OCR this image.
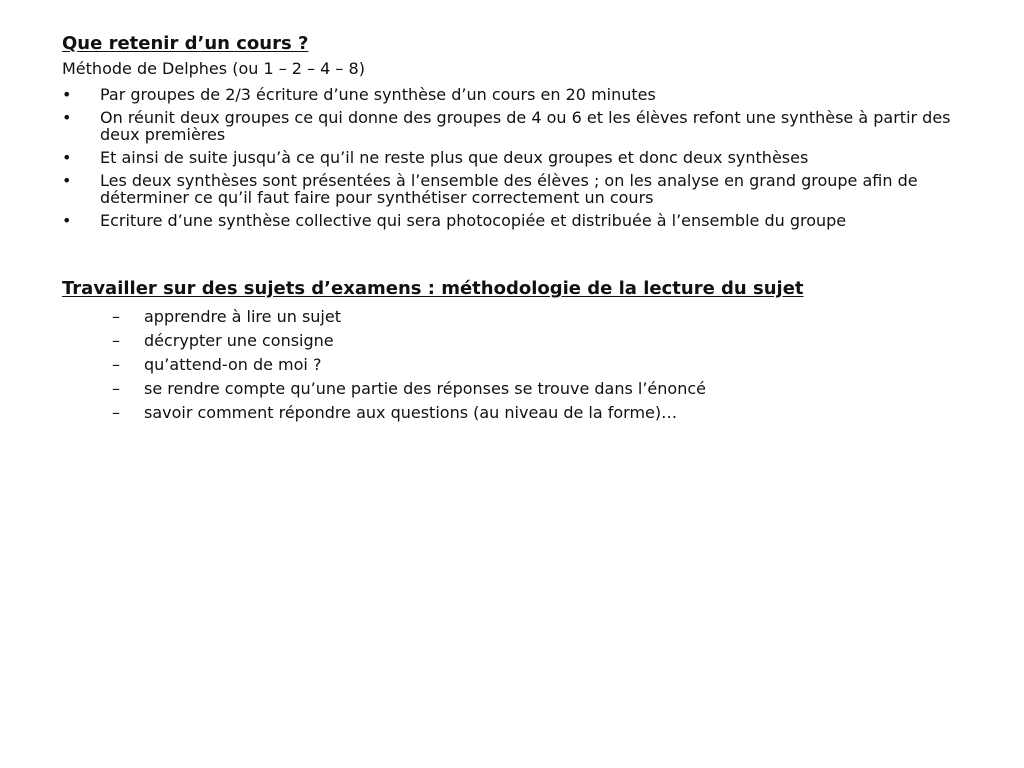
Que retenir d’un cours ?

Méthode de Delphes (ou 1 – 2 – 4 – 8)

• Par groupes de 2/3 écriture d’une synthèse d’un cours en 20 minutes
• On réunit deux groupes ce qui donne des groupes de 4 ou 6 et les élèves refont une synthèse à partir des deux premières
• Et ainsi de suite jusqu’à ce qu’il ne reste plus que deux groupes et donc deux synthèses
• Les deux synthèses sont présentées à l’ensemble des élèves ; on les analyse en grand groupe afin de déterminer ce qu’il faut faire pour synthétiser correctement un cours
• Ecriture d’une synthèse collective qui sera photocopiée et distribuée à l’ensemble du groupe
Travailler sur des sujets d’examens : méthodologie de la lecture du sujet
– apprendre à lire un sujet
– décrypter une consigne
– qu’attend-on de moi ?
– se rendre compte qu’une partie des réponses se trouve dans l’énoncé
– savoir comment répondre aux questions (au niveau de la forme)…
